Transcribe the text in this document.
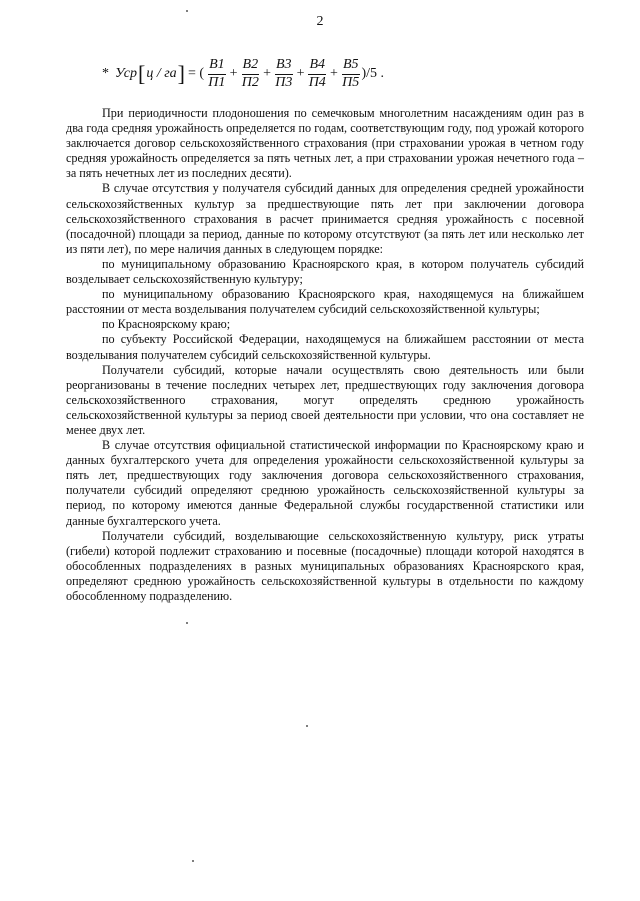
2
* Уср [ ц / га ] = ( $\frac{В1}{П1} + \frac{В2}{П2} + \frac{В3}{П3} + \frac{В4}{П4} + \frac{В5}{П5} )/5$ .

При периодичности плодоношения по семечковым многолетним насаждениям один раз в два года средняя урожайность определяется по годам, соответствующим году, под урожай которого заключается договор сельскохозяйственного страхования (при страховании урожая в четном году средняя урожайность определяется за пять четных лет, а при страховании урожая нечетного года – за пять нечетных лет из последних десяти).

В случае отсутствия у получателя субсидий данных для определения средней урожайности сельскохозяйственных культур за предшествующие пять лет при заключении договора сельскохозяйственного страхования в расчет принимается средняя урожайность с посевной (посадочной) площади за период, данные по которому отсутствуют (за пять лет или несколько лет из пяти лет), по мере наличия данных в следующем порядке:

по муниципальному образованию Красноярского края, в котором получатель субсидий возделывает сельскохозяйственную культуру;

по муниципальному образованию Красноярского края, находящемуся на ближайшем расстоянии от места возделывания получателем субсидий сельскохозяйственной культуры;

по Красноярскому краю;

по субъекту Российской Федерации, находящемуся на ближайшем расстоянии от места возделывания получателем субсидий сельскохозяйственной культуры.

Получатели субсидий, которые начали осуществлять свою деятельность или были реорганизованы в течение последних четырех лет, предшествующих году заключения договора сельскохозяйственного страхования, могут определять среднюю урожайность сельскохозяйственной культуры за период своей деятельности при условии, что она составляет не менее двух лет.

В случае отсутствия официальной статистической информации по Красноярскому краю и данных бухгалтерского учета для определения урожайности сельскохозяйственной культуры за пять лет, предшествующих году заключения договора сельскохозяйственного страхования, получатели субсидий определяют среднюю урожайность сельскохозяйственной культуры за период, по которому имеются данные Федеральной службы государственной статистики или данные бухгалтерского учета.

Получатели субсидий, возделывающие сельскохозяйственную культуру, риск утраты (гибели) которой подлежит страхованию и посевные (посадочные) площади которой находятся в обособленных подразделениях в разных муниципальных образованиях Красноярского края, определяют среднюю урожайность сельскохозяйственной культуры в отдельности по каждому обособленному подразделению.
